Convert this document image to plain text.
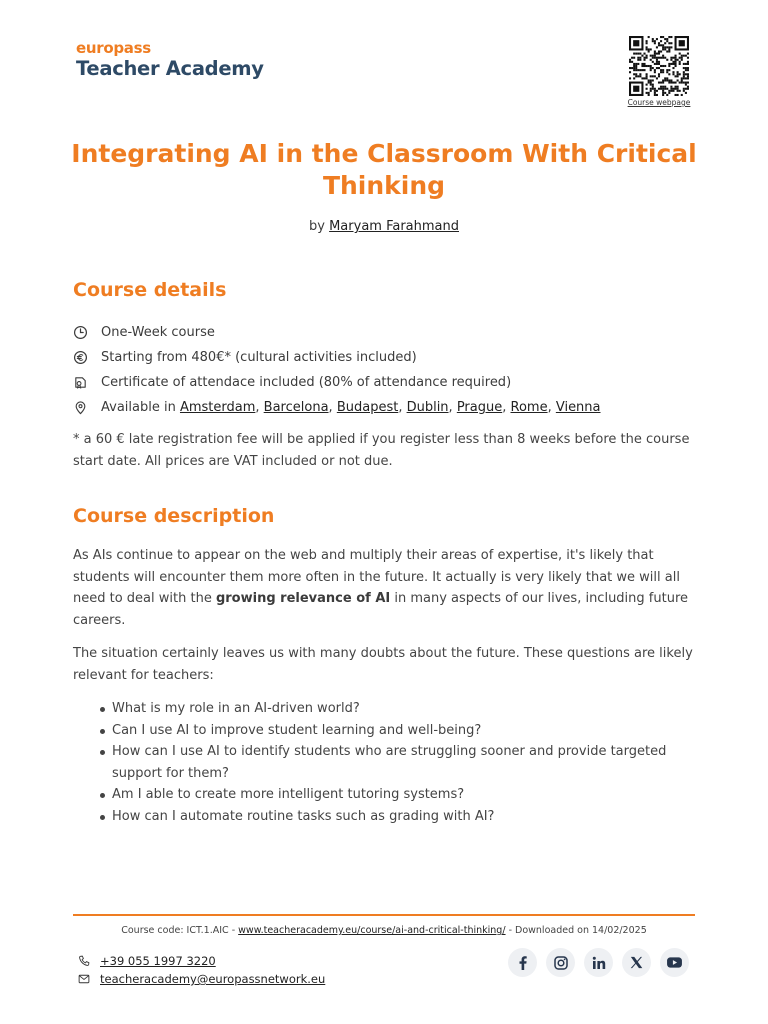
europass
Teacher Academy
Course webpage
Integrating AI in the Classroom With Critical Thinking
by Maryam Farahmand
Course details
One-Week course
Starting from 480€* (cultural activities included)
Certificate of attendace included (80% of attendance required)
Available in
Amsterdam , Barcelona , Budapest , Dublin , Prague , Rome , Vienna

* a 60 € late registration fee will be applied if you register less than 8 weeks before the course start date. All prices are VAT included or not due.

Course description

As AIs continue to appear on the web and multiply their areas of expertise, it's likely that students will encounter them more often in the future. It actually is very likely that we will all need to deal with the growing relevance of AI in many aspects of our lives, including future careers.

The situation certainly leaves us with many doubts about the future. These questions are likely relevant for teachers:

What is my role in an AI-driven world?
Can I use AI to improve student learning and well-being?
How can I use AI to identify students who are struggling sooner and provide targeted support for them?
Am I able to create more intelligent tutoring systems?
How can I automate routine tasks such as grading with AI?
Course code: ICT.1.AIC - www.teacheracademy.eu/course/ai-and-critical-thinking/ - Downloaded on 14/02/2025
+39 055 1997 3220
teacheracademy@europassnetwork.eu
